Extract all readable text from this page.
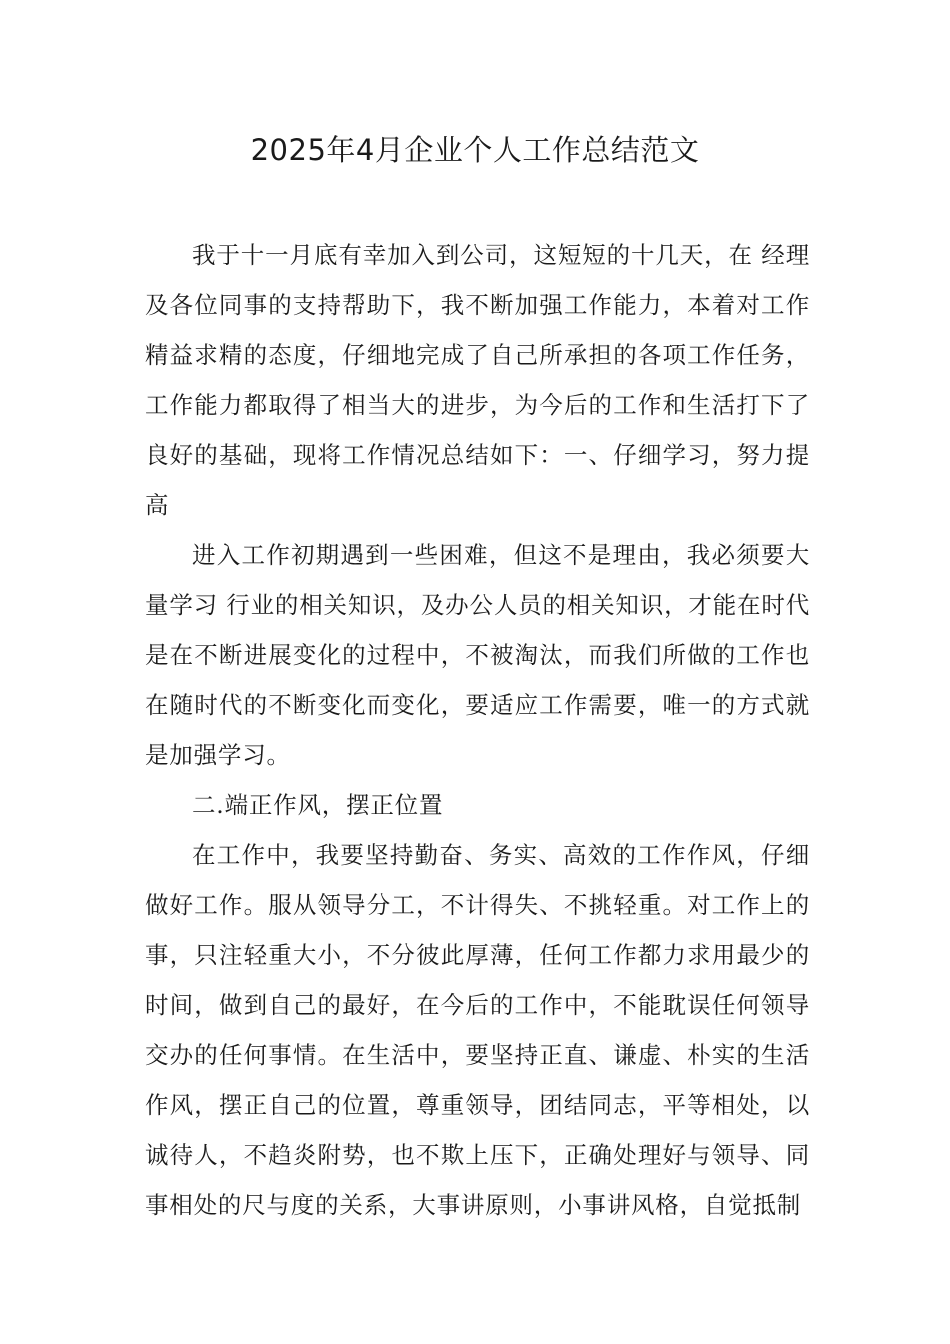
2025年4月企业个人工作总结范文

我于十一月底有幸加入到公司，这短短的十几天，在 经理及各位同事的支持帮助下，我不断加强工作能力，本着对工作精益求精的态度，仔细地完成了自己所承担的各项工作任务，工作能力都取得了相当大的进步，为今后的工作和生活打下了良好的基础，现将工作情况总结如下：一、仔细学习，努力提高

进入工作初期遇到一些困难，但这不是理由，我必须要大量学习 行业的相关知识，及办公人员的相关知识，才能在时代是在不断进展变化的过程中，不被淘汰，而我们所做的工作也在随时代的不断变化而变化，要适应工作需要，唯一的方式就是加强学习。

二.端正作风，摆正位置

在工作中，我要坚持勤奋、务实、高效的工作作风，仔细做好工作。服从领导分工，不计得失、不挑轻重。对工作上的事，只注轻重大小，不分彼此厚薄，任何工作都力求用最少的时间，做到自己的最好，在今后的工作中，不能耽误任何领导交办的任何事情。在生活中，要坚持正直、谦虚、朴实的生活作风，摆正自己的位置，尊重领导，团结同志，平等相处，以诚待人，不趋炎附势，也不欺上压下，正确处理好与领导、同事相处的尺与度的关系，大事讲原则，小事讲风格，自觉抵制
